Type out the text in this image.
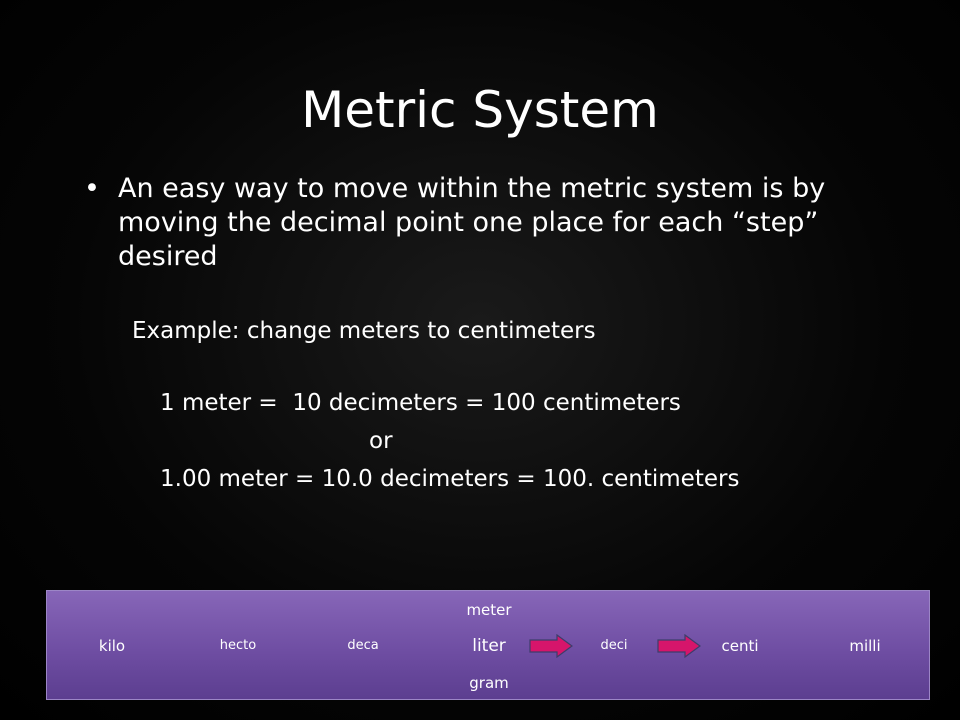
Metric System
• An easy way to move within the metric system is by moving the decimal point one place for each “step” desired
Example: change meters to centimeters
1 meter =  10 decimeters = 100 centimeters
or
1.00 meter = 10.0 decimeters = 100. centimeters
kilo	hecto	deca
meter
liter
gram
deci	centi	milli
